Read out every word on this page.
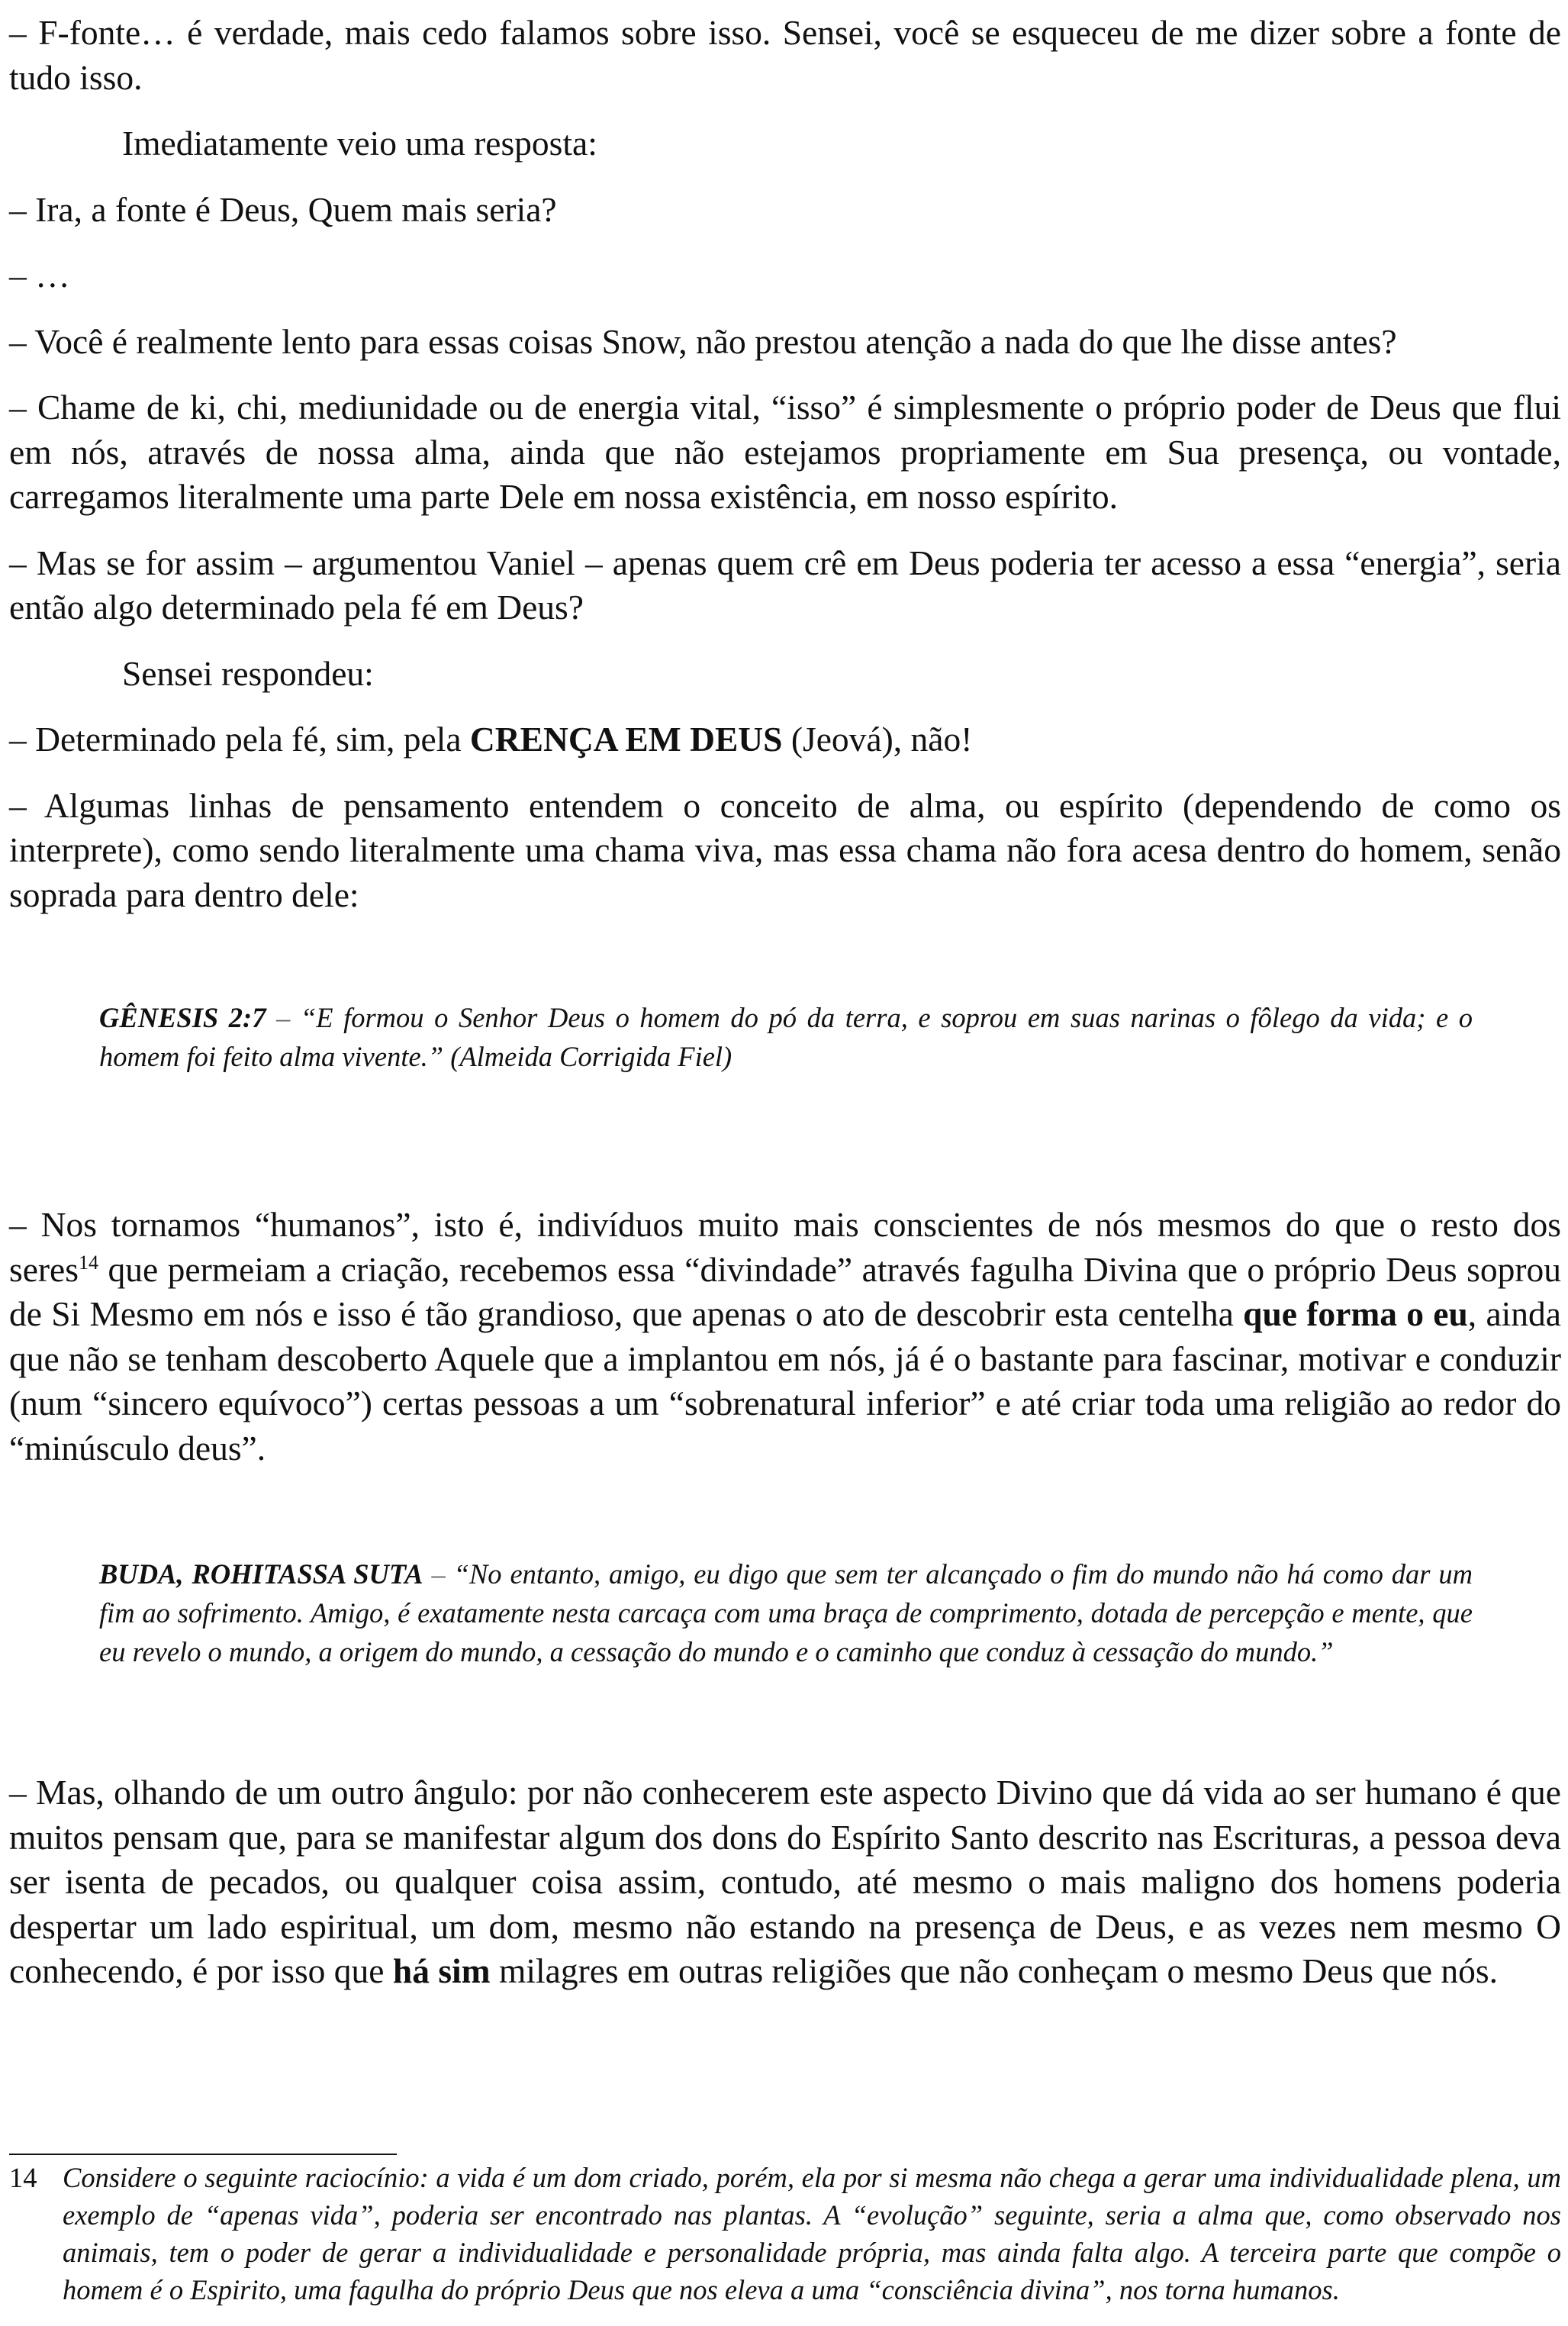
– F-fonte… é verdade, mais cedo falamos sobre isso. Sensei, você se esqueceu de me dizer sobre a fonte de tudo isso.

Imediatamente veio uma resposta:

– Ira, a fonte é Deus, Quem mais seria?

– …

– Você é realmente lento para essas coisas Snow, não prestou atenção a nada do que lhe disse antes?

– Chame de ki, chi, mediunidade ou de energia vital, “isso” é simplesmente o próprio poder de Deus que flui em nós, através de nossa alma, ainda que não estejamos propriamente em Sua presença, ou vontade, carregamos literalmente uma parte Dele em nossa existência, em nosso espírito.

– Mas se for assim – argumentou Vaniel – apenas quem crê em Deus poderia ter acesso a essa “energia”, seria então algo determinado pela fé em Deus?

Sensei respondeu:

– Determinado pela fé, sim, pela CRENÇA EM DEUS (Jeová), não!

– Algumas linhas de pensamento entendem o conceito de alma, ou espírito (dependendo de como os interprete), como sendo literalmente uma chama viva, mas essa chama não fora acesa dentro do homem, senão soprada para dentro dele:

GÊNESIS 2:7 – “E formou o Senhor Deus o homem do pó da terra, e soprou em suas narinas o fôlego da vida; e o homem foi feito alma vivente.” (Almeida Corrigida Fiel)

– Nos tornamos “humanos”, isto é, indivíduos muito mais conscientes de nós mesmos do que o resto dos seres$^{14}$ que permeiam a criação, recebemos essa “divindade” através fagulha Divina que o próprio Deus soprou de Si Mesmo em nós e isso é tão grandioso, que apenas o ato de descobrir esta centelha que forma o eu, ainda que não se tenham descoberto Aquele que a implantou em nós, já é o bastante para fascinar, motivar e conduzir (num “sincero equívoco”) certas pessoas a um “sobrenatural inferior” e até criar toda uma religião ao redor do “minúsculo deus”.

BUDA, ROHITASSA SUTA – “No entanto, amigo, eu digo que sem ter alcançado o fim do mundo não há como dar um fim ao sofrimento. Amigo, é exatamente nesta carcaça com uma braça de comprimento, dotada de percepção e mente, que eu revelo o mundo, a origem do mundo, a cessação do mundo e o caminho que conduz à cessação do mundo.”

– Mas, olhando de um outro ângulo: por não conhecerem este aspecto Divino que dá vida ao ser humano é que muitos pensam que, para se manifestar algum dos dons do Espírito Santo descrito nas Escrituras, a pessoa deva ser isenta de pecados, ou qualquer coisa assim, contudo, até mesmo o mais maligno dos homens poderia despertar um lado espiritual, um dom, mesmo não estando na presença de Deus, e as vezes nem mesmo O conhecendo, é por isso que há sim milagres em outras religiões que não conheçam o mesmo Deus que nós.

14 Considere o seguinte raciocínio: a vida é um dom criado, porém, ela por si mesma não chega a gerar uma individualidade plena, um exemplo de “apenas vida”, poderia ser encontrado nas plantas. A “evolução” seguinte, seria a alma que, como observado nos animais, tem o poder de gerar a individualidade e personalidade própria, mas ainda falta algo. A terceira parte que compõe o homem é o Espirito, uma fagulha do próprio Deus que nos eleva a uma “consciência divina”, nos torna humanos.
